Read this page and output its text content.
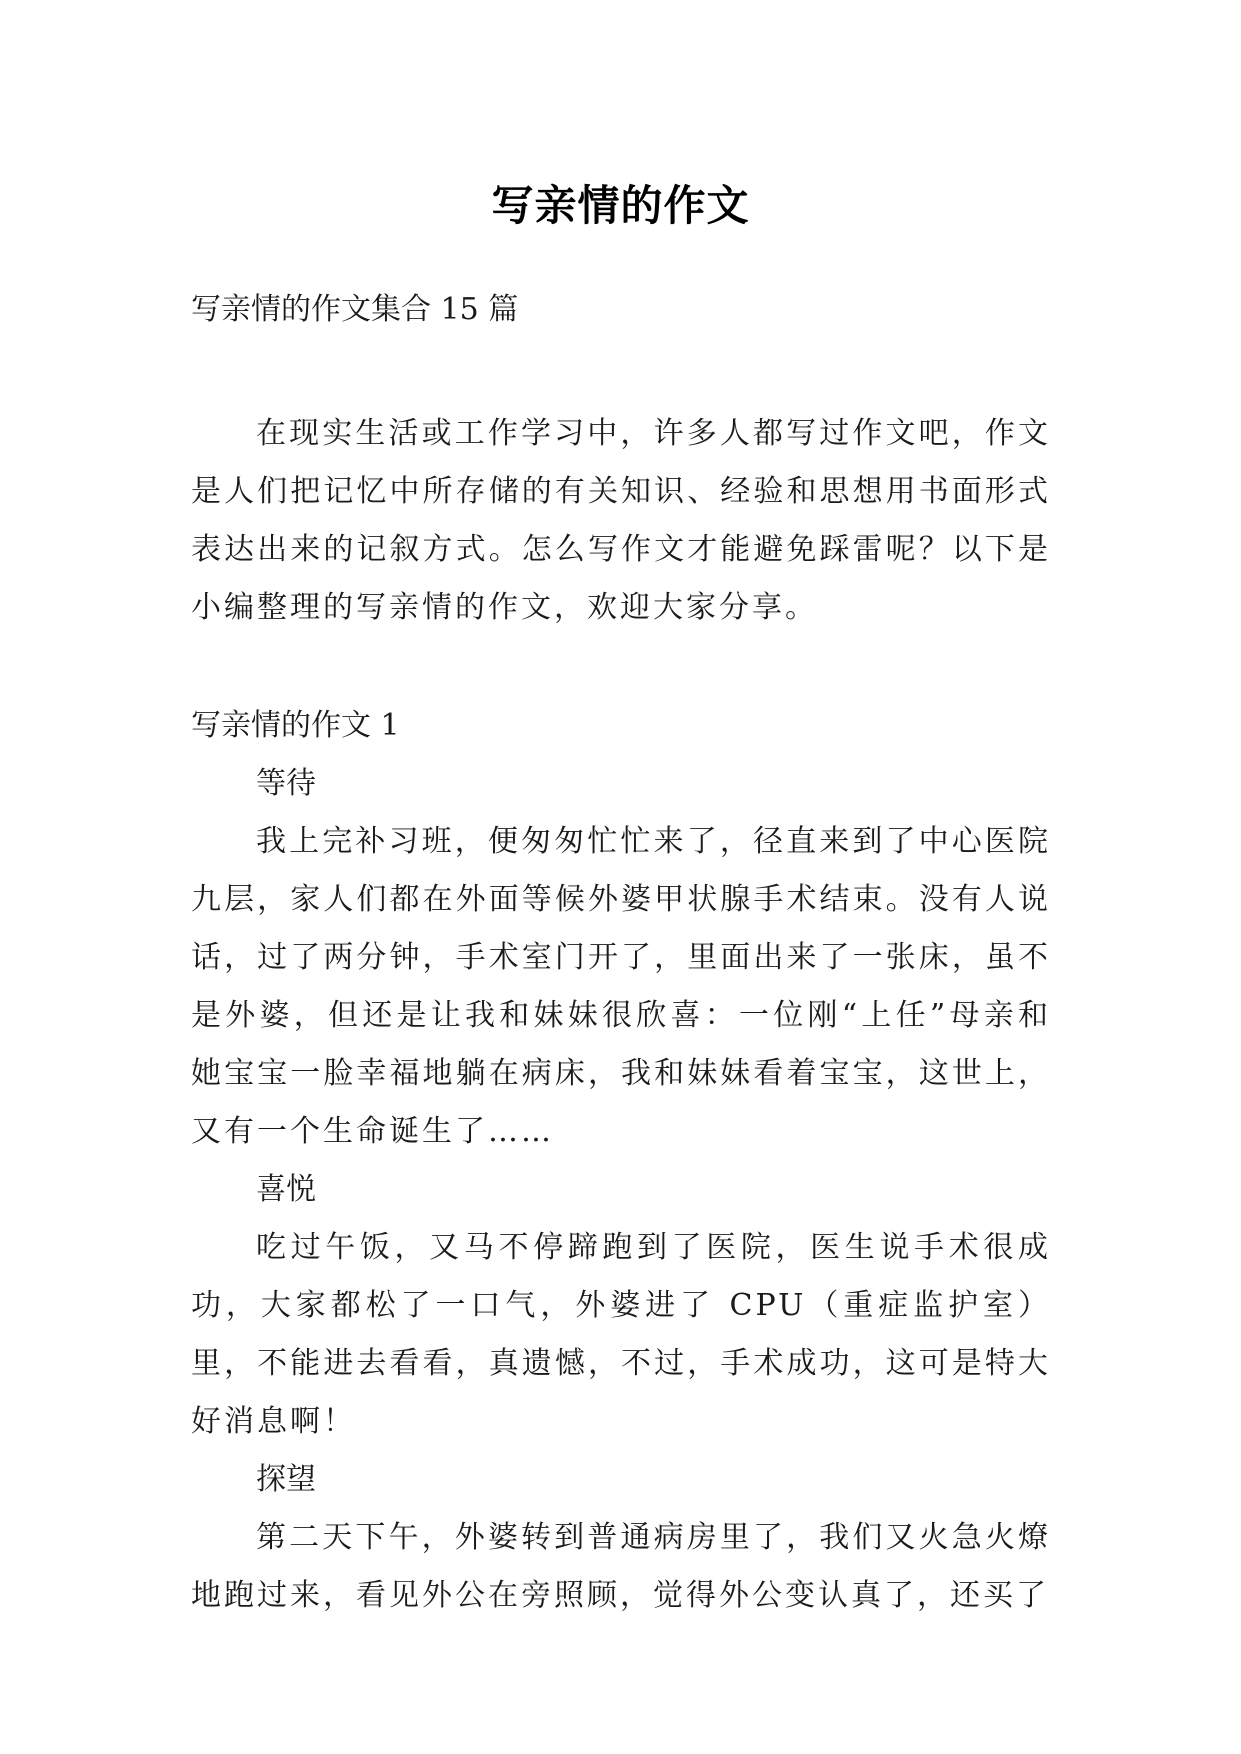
写亲情的作文
写亲情的作文集合 15 篇

在现实生活或工作学习中，许多人都写过作文吧，作文是人们把记忆中所存储的有关知识、经验和思想用书面形式表达出来的记叙方式。怎么写作文才能避免踩雷呢？以下是小编整理的写亲情的作文，欢迎大家分享。

写亲情的作文 1

等待

我上完补习班，便匆匆忙忙来了，径直来到了中心医院九层，家人们都在外面等候外婆甲状腺手术结束。没有人说话，过了两分钟，手术室门开了，里面出来了一张床，虽不是外婆，但还是让我和妹妹很欣喜：一位刚“上任”母亲和她宝宝一脸幸福地躺在病床，我和妹妹看着宝宝，这世上，又有一个生命诞生了……

喜悦

吃过午饭，又马不停蹄跑到了医院，医生说手术很成功，大家都松了一口气，外婆进了 CPU（重症监护室）里，不能进去看看，真遗憾，不过，手术成功，这可是特大好消息啊！

探望

第二天下午，外婆转到普通病房里了，我们又火急火燎地跑过来，看见外公在旁照顾，觉得外公变认真了，还买了
